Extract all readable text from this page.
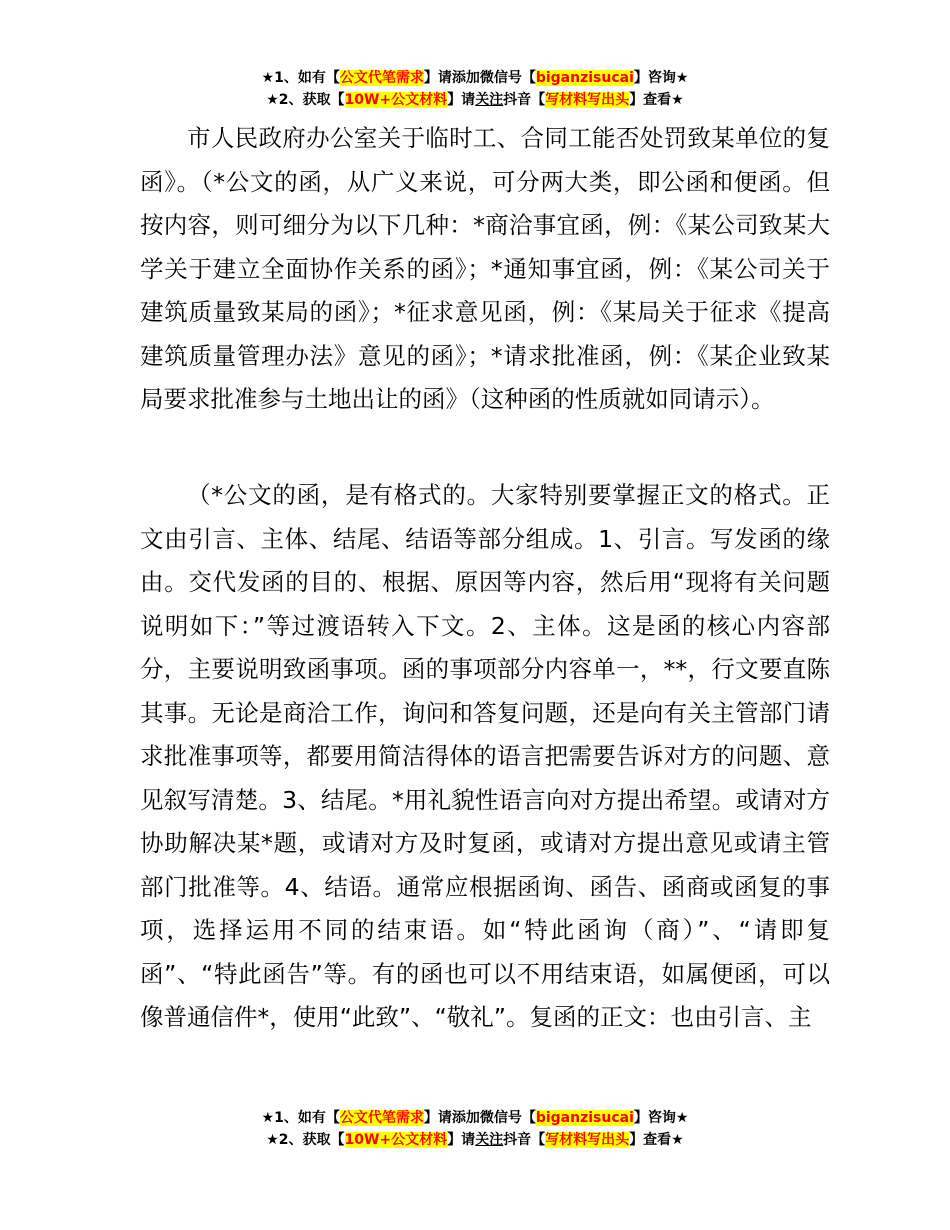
★1、如有【公文代笔需求】请添加微信号【biganzisucai】咨询★
★2、获取【10W+公文材料】请关注抖音【写材料写出头】查看★

市人民政府办公室关于临时工、合同工能否处罚致某单位的复函》。（*公文的函，从广义来说，可分两大类，即公函和便函。但按内容，则可细分为以下几种：*商洽事宜函，例：《某公司致某大学关于建立全面协作关系的函》；*通知事宜函，例：《某公司关于建筑质量致某局的函》；*征求意见函，例：《某局关于征求《提高建筑质量管理办法》意见的函》；*请求批准函，例：《某企业致某局要求批准参与土地出让的函》（这种函的性质就如同请示）。

（*公文的函，是有格式的。大家特别要掌握正文的格式。正文由引言、主体、结尾、结语等部分组成。1、引言。写发函的缘由。交代发函的目的、根据、原因等内容，然后用“现将有关问题说明如下：”等过渡语转入下文。2、主体。这是函的核心内容部分，主要说明致函事项。函的事项部分内容单一，**，行文要直陈其事。无论是商洽工作，询问和答复问题，还是向有关主管部门请求批准事项等，都要用简洁得体的语言把需要告诉对方的问题、意见叙写清楚。3、结尾。*用礼貌性语言向对方提出希望。或请对方协助解决某*题，或请对方及时复函，或请对方提出意见或请主管部门批准等。4、结语。通常应根据函询、函告、函商或函复的事项，选择运用不同的结束语。如“特此函询（商）”、“请即复函”、“特此函告”等。有的函也可以不用结束语，如属便函，可以像普通信件*，使用“此致”、“敬礼”。复函的正文：也由引言、主

★1、如有【公文代笔需求】请添加微信号【biganzisucai】咨询★
★2、获取【10W+公文材料】请关注抖音【写材料写出头】查看★
